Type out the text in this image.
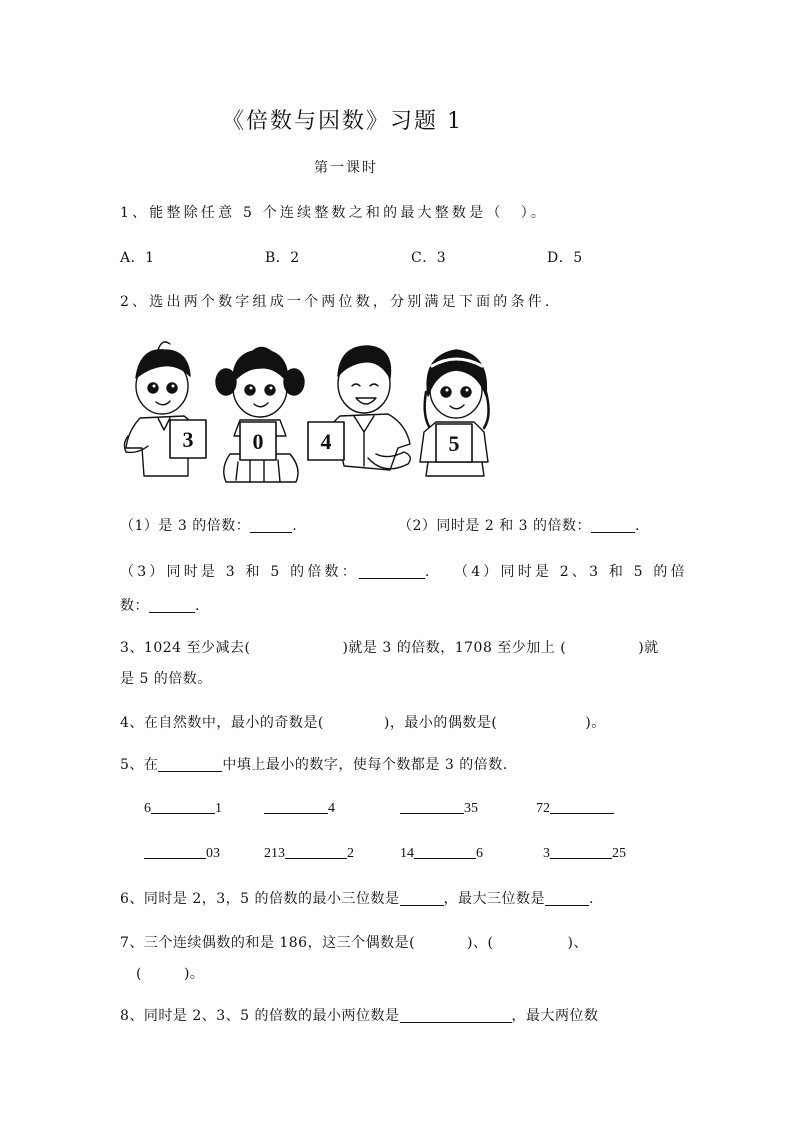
《倍数与因数》习题 1
第一课时
1、能整除任意 5 个连续整数之和的最大整数是（　）。
A．1	B．2	C．3	D．5
2、选出两个数字组成一个两位数，分别满足下面的条件.
3	0	4	5
（1）是 3 的倍数：	.	（2）同时是 2 和 3 的倍数：	.
（3）同时是 3 和 5 的倍数：	. （4）同时是 2、3 和 5 的倍
数：	.
3、1024 至少减去(	)就是 3 的倍数，1708 至少加上 (	)就
是 5 的倍数。
4、在自然数中，最小的奇数是(	)，最小的偶数是(	)。
5、在	中填上最小的数字，使每个数都是 3 的倍数.
6	1	4	35	72
03	213	2	14	6	3	25
6、同时是 2，3，5 的倍数的最小三位数是	，最大三位数是	.
7、三个连续偶数的和是 186，这三个偶数是(	)、(	)、
(	)。
8、同时是 2、3、5 的倍数的最小两位数是	，最大两位数
